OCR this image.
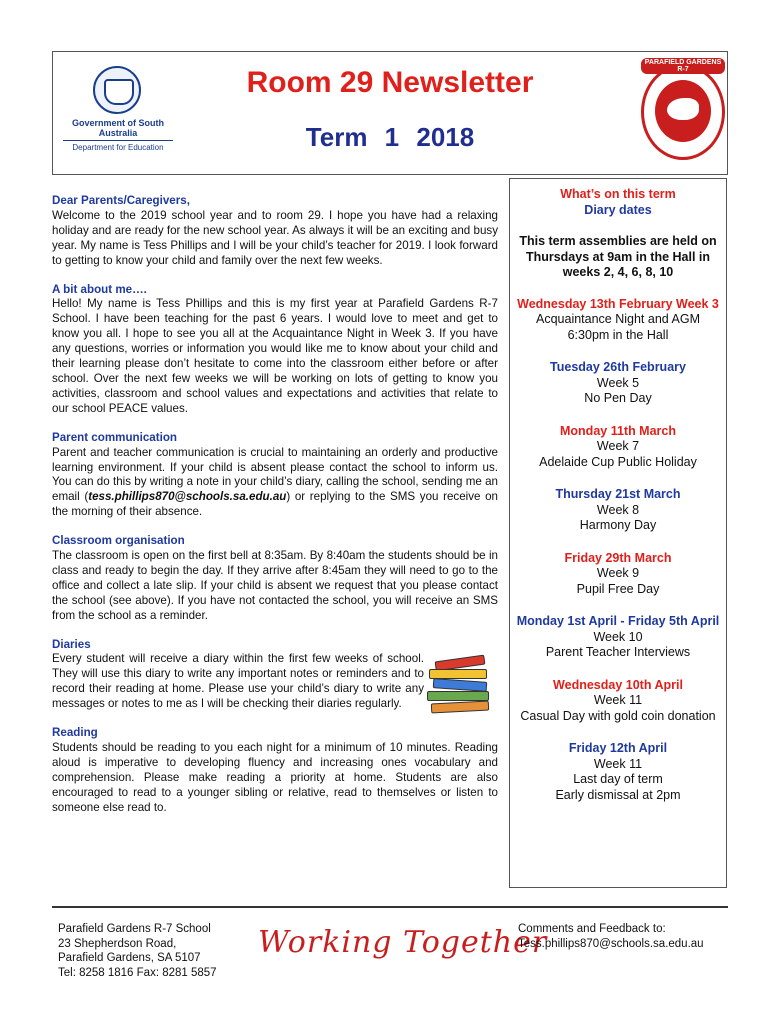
Government of South Australia
Department for Education
Room 29 Newsletter
Term 1 2018
PARAFIELD GARDENS R-7
Dear Parents/Caregivers,
Welcome to the 2019 school year and to room 29. I hope you have had a relaxing holiday and are ready for the new school year. As always it will be an exciting and busy year. My name is Tess Phillips and I will be your child’s teacher for 2019. I look forward to getting to know your child and family over the next few weeks.
A bit about me….
Hello! My name is Tess Phillips and this is my first year at Parafield Gardens R-7 School. I have been teaching for the past 6 years. I would love to meet and get to know you all. I hope to see you all at the Acquaintance Night in Week 3. If you have any questions, worries or information you would like me to know about your child and their learning please don’t hesitate to come into the classroom either before or after school. Over the next few weeks we will be working on lots of getting to know you activities, classroom and school values and expectations and activities that relate to our school PEACE values.
Parent communication
Parent and teacher communication is crucial to maintaining an orderly and productive learning environment. If your child is absent please contact the school to inform us. You can do this by writing a note in your child’s diary, calling the school, sending me an email (tess.phillips870@schools.sa.edu.au) or replying to the SMS you receive on the morning of their absence.
Classroom organisation
The classroom is open on the first bell at 8:35am. By 8:40am the students should be in class and ready to begin the day. If they arrive after 8:45am they will need to go to the office and collect a late slip. If your child is absent we request that you please contact the school (see above). If you have not contacted the school, you will receive an SMS from the school as a reminder.
Diaries
Every student will receive a diary within the first few weeks of school. They will use this diary to write any important notes or reminders and to record their reading at home. Please use your child’s diary to write any messages or notes to me as I will be checking their diaries regularly.
Reading
Students should be reading to you each night for a minimum of 10 minutes. Reading aloud is imperative to developing fluency and increasing ones vocabulary and comprehension. Please make reading a priority at home. Students are also encouraged to read to a younger sibling or relative, read to themselves or listen to someone else read to.
What’s on this term
Diary dates
This term assemblies are held on Thursdays at 9am in the Hall in weeks 2, 4, 6, 8, 10
Wednesday 13th February Week 3
Acquaintance Night and AGM
6:30pm in the Hall
Tuesday 26th February
Week 5
No Pen Day
Monday 11th March
Week 7
Adelaide Cup Public Holiday
Thursday 21st March
Week 8
Harmony Day
Friday 29th March
Week 9
Pupil Free Day
Monday 1st April - Friday 5th April
Week 10
Parent Teacher Interviews
Wednesday 10th April
Week 11
Casual Day with gold coin donation
Friday 12th April
Week 11
Last day of term
Early dismissal at 2pm
Parafield Gardens R-7 School
23 Shepherdson Road,
Parafield Gardens, SA 5107
Tel: 8258 1816 Fax: 8281 5857
Working Together
Comments and Feedback to:
Tess.phillips870@schools.sa.edu.au
